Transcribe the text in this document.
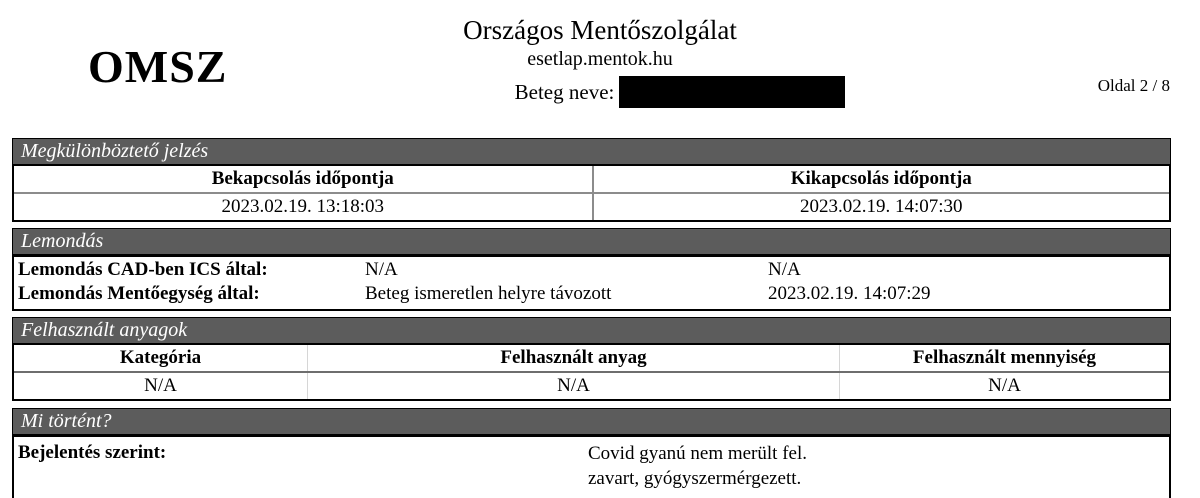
OMSZ
Országos Mentőszolgálat
esetlap.mentok.hu
Beteg neve:	Oldal 2 / 8
Megkülönböztető jelzés
Bekapcsolás időpontja	Kikapcsolás időpontja
2023.02.19. 13:18:03	2023.02.19. 14:07:30
Lemondás
Lemondás CAD-ben ICS által:	N/A	N/A
Lemondás Mentőegység által:	Beteg ismeretlen helyre távozott	2023.02.19. 14:07:29
Felhasznált anyagok
Kategória	Felhasznált anyag	Felhasznált mennyiség
N/A	N/A	N/A
Mi történt?
Bejelentés szerint:	Covid gyanú nem merült fel.
zavart, gyógyszermérgezett.
